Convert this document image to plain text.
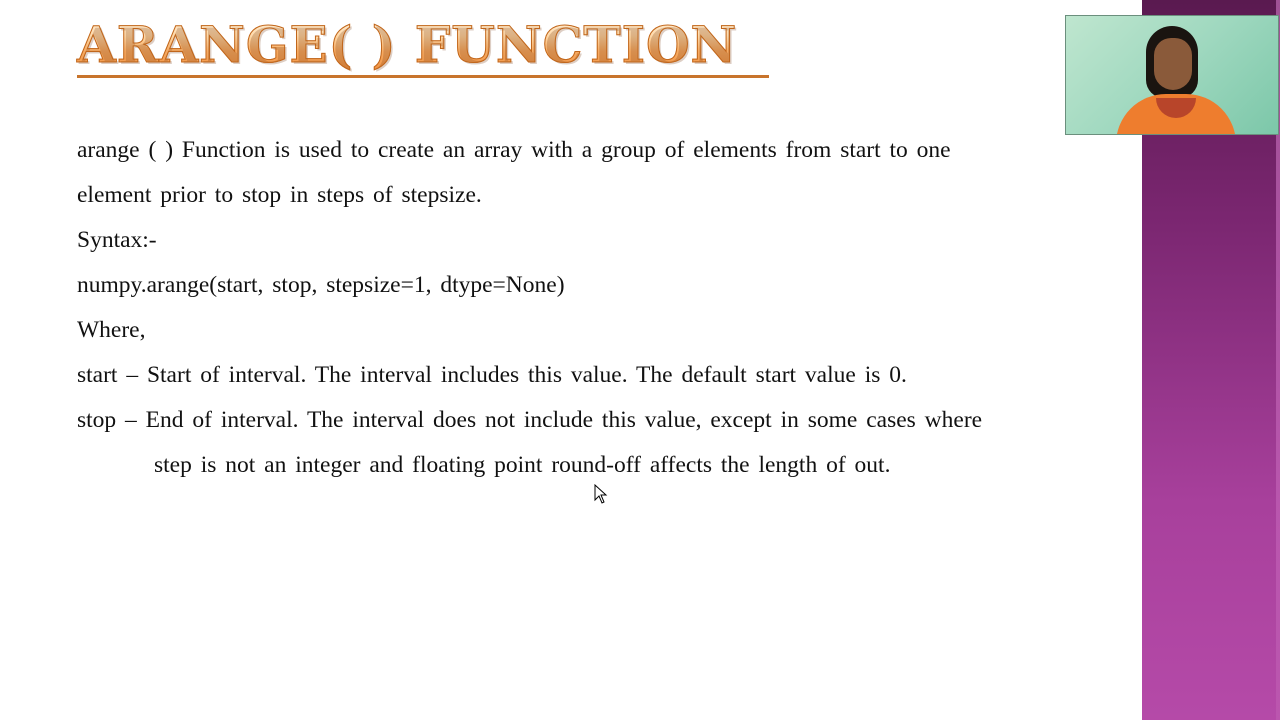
ARANGE( ) FUNCTION
arange ( ) Function is used to create an array with a group of elements from start to one
element prior to stop in steps of stepsize.
Syntax:-
numpy.arange(start, stop, stepsize=1, dtype=None)
Where,
start – Start of interval. The interval includes this value. The default start value is 0.
stop – End of interval. The interval does not include this value, except in some cases where
step is not an integer and floating point round-off affects the length of out.
